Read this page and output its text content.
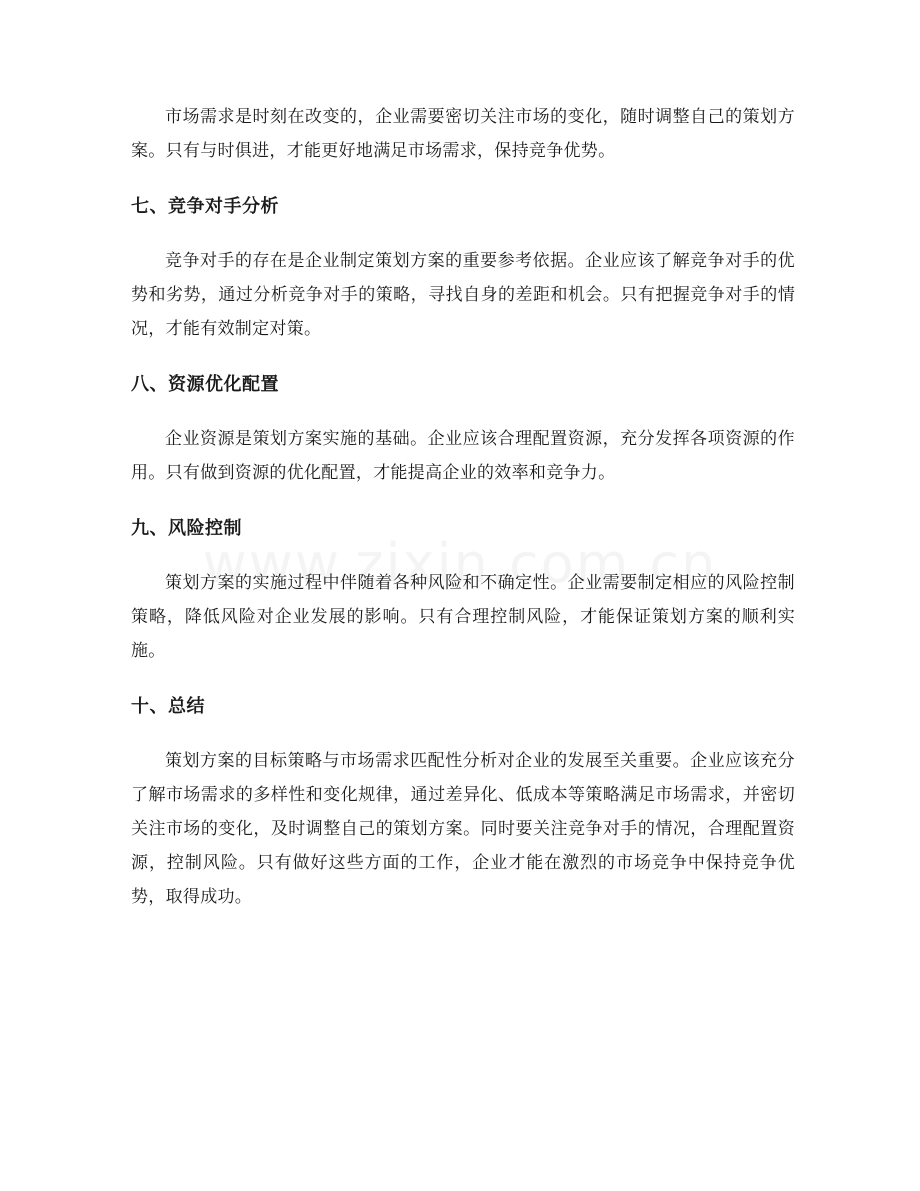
市场需求是时刻在改变的，企业需要密切关注市场的变化，随时调整自己的策划方案。只有与时俱进，才能更好地满足市场需求，保持竞争优势。

七、竞争对手分析

竞争对手的存在是企业制定策划方案的重要参考依据。企业应该了解竞争对手的优势和劣势，通过分析竞争对手的策略，寻找自身的差距和机会。只有把握竞争对手的情况，才能有效制定对策。

八、资源优化配置

企业资源是策划方案实施的基础。企业应该合理配置资源，充分发挥各项资源的作用。只有做到资源的优化配置，才能提高企业的效率和竞争力。

九、风险控制

策划方案的实施过程中伴随着各种风险和不确定性。企业需要制定相应的风险控制策略，降低风险对企业发展的影响。只有合理控制风险，才能保证策划方案的顺利实施。

十、总结

策划方案的目标策略与市场需求匹配性分析对企业的发展至关重要。企业应该充分了解市场需求的多样性和变化规律，通过差异化、低成本等策略满足市场需求，并密切关注市场的变化，及时调整自己的策划方案。同时要关注竞争对手的情况，合理配置资源，控制风险。只有做好这些方面的工作，企业才能在激烈的市场竞争中保持竞争优势，取得成功。
